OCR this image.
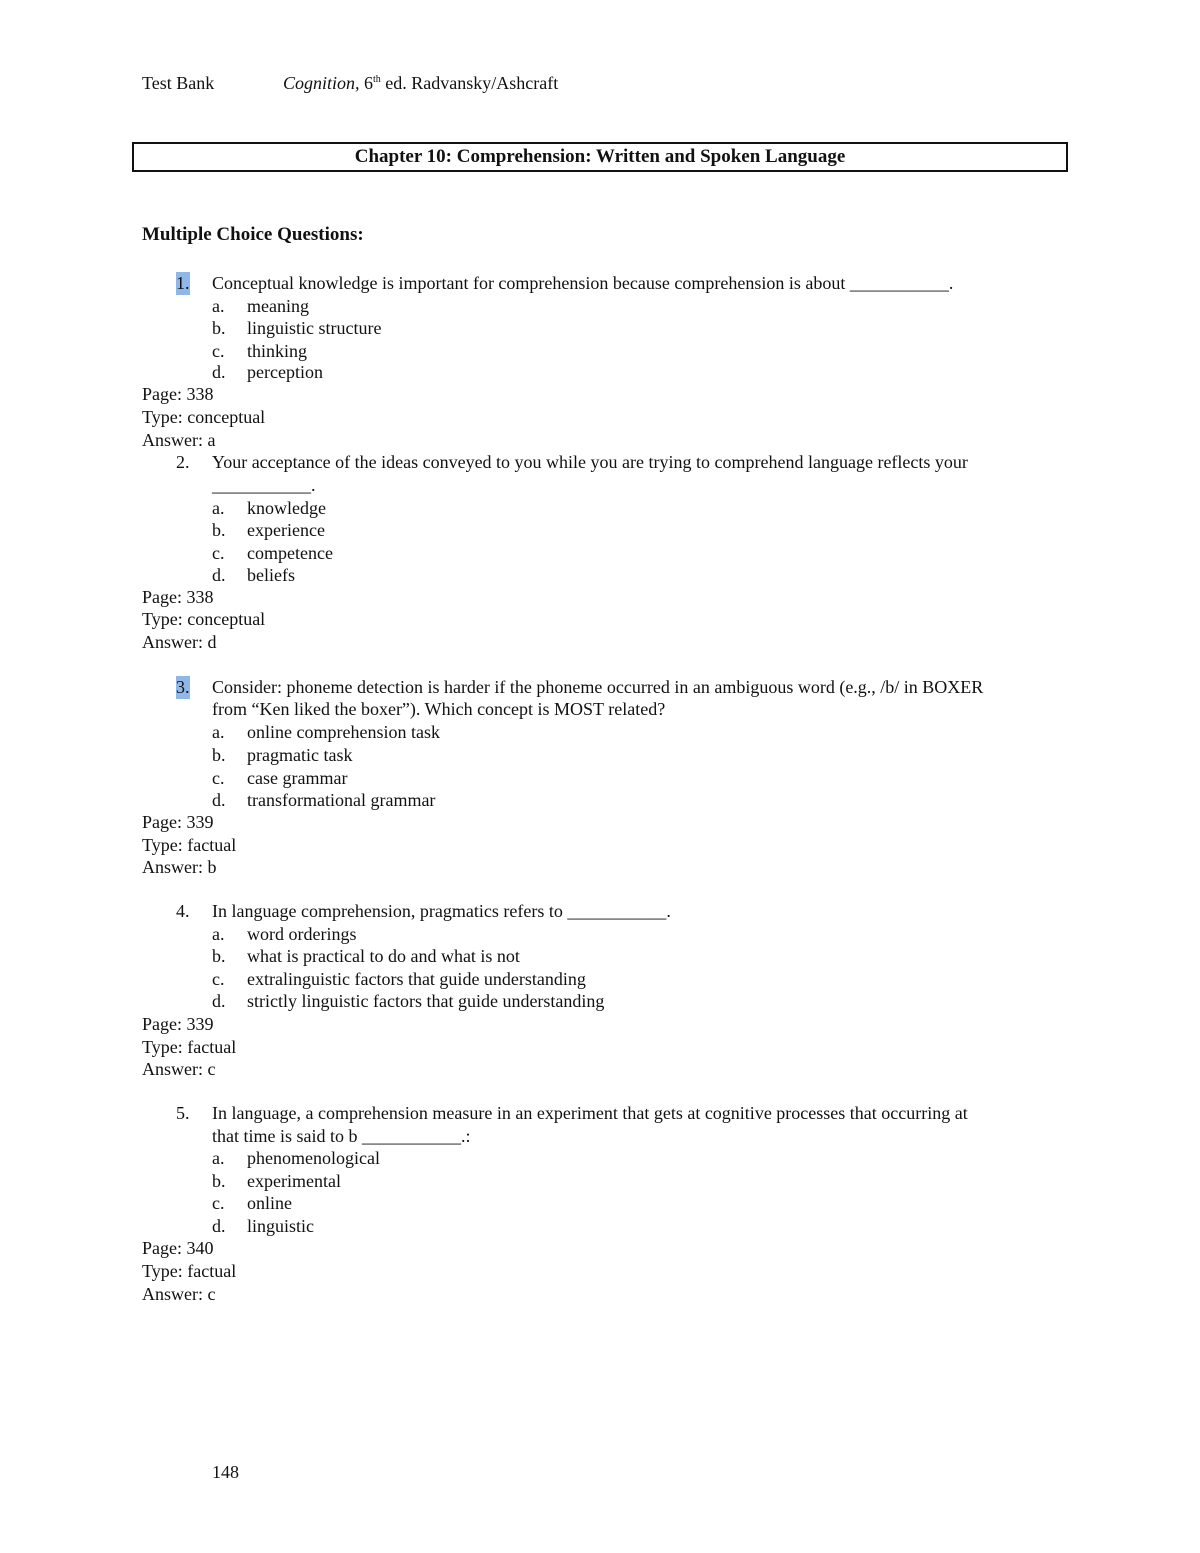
Test Bank	Cognition, 6th ed. Radvansky/Ashcraft
Chapter 10: Comprehension: Written and Spoken Language
Multiple Choice Questions:
1. Conceptual knowledge is important for comprehension because comprehension is about ___________.
a. meaning
b. linguistic structure
c. thinking
d. perception
Page: 338
Type: conceptual
Answer: a
2. Your acceptance of the ideas conveyed to you while you are trying to comprehend language reflects your
___________.
a. knowledge
b. experience
c. competence
d. beliefs
Page: 338
Type: conceptual
Answer: d
3. Consider: phoneme detection is harder if the phoneme occurred in an ambiguous word (e.g., /b/ in BOXER
from “Ken liked the boxer”). Which concept is MOST related?
a. online comprehension task
b. pragmatic task
c. case grammar
d. transformational grammar
Page: 339
Type: factual
Answer: b
4. In language comprehension, pragmatics refers to ___________.
a. word orderings
b. what is practical to do and what is not
c. extralinguistic factors that guide understanding
d. strictly linguistic factors that guide understanding
Page: 339
Type: factual
Answer: c
5. In language, a comprehension measure in an experiment that gets at cognitive processes that occurring at
that time is said to b ___________.:
a. phenomenological
b. experimental
c. online
d. linguistic
Page: 340
Type: factual
Answer: c
148
